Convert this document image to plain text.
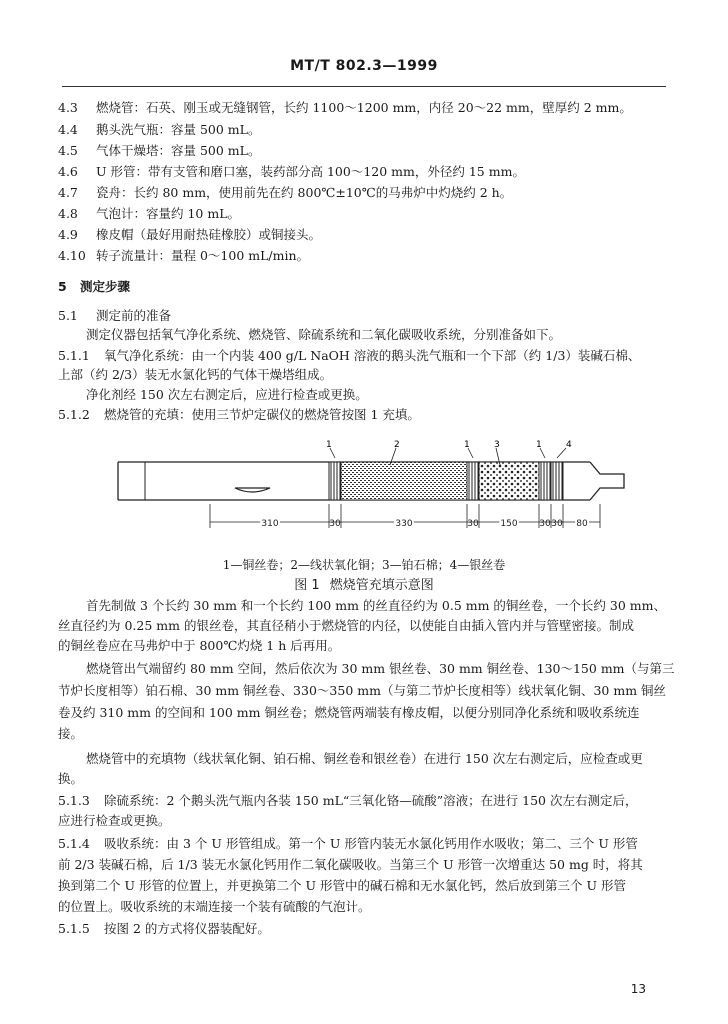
MT/T 802.3—1999
4.3 燃烧管：石英、刚玉或无缝钢管，长约 1100～1200 mm，内径 20～22 mm，壁厚约 2 mm。
4.4 鹅头洗气瓶：容量 500 mL。
4.5 气体干燥塔：容量 500 mL。
4.6 U 形管：带有支管和磨口塞，装药部分高 100～120 mm，外径约 15 mm。
4.7 瓷舟：长约 80 mm，使用前先在约 800℃±10℃的马弗炉中灼烧约 2 h。
4.8 气泡计：容量约 10 mL。
4.9 橡皮帽（最好用耐热硅橡胶）或铜接头。
4.10 转子流量计：量程 0～100 mL/min。
5 测定步骤
5.1 测定前的准备
测定仪器包括氧气净化系统、燃烧管、除硫系统和二氧化碳吸收系统，分别准备如下。
5.1.1 氧气净化系统：由一个内装 400 g/L NaOH 溶液的鹅头洗气瓶和一个下部（约 1/3）装碱石棉、
上部（约 2/3）装无水氯化钙的气体干燥塔组成。
净化剂经 150 次左右测定后，应进行检查或更换。
5.1.2 燃烧管的充填：使用三节炉定碳仪的燃烧管按图 1 充填。
1	2	1	3	1	4
310	30	330	30 150 30 30 80
1—铜丝卷；2—线状氧化铜；3—铂石棉；4—银丝卷
图 1 燃烧管充填示意图
首先制做 3 个长约 30 mm 和一个长约 100 mm 的丝直径约为 0.5 mm 的铜丝卷，一个长约 30 mm、
丝直径约为 0.25 mm 的银丝卷，其直径稍小于燃烧管的内径，以使能自由插入管内并与管壁密接。制成
的铜丝卷应在马弗炉中于 800℃灼烧 1 h 后再用。
燃烧管出气端留约 80 mm 空间，然后依次为 30 mm 银丝卷、30 mm 铜丝卷、130～150 mm（与第三
节炉长度相等）铂石棉、30 mm 铜丝卷、330～350 mm（与第二节炉长度相等）线状氧化铜、30 mm 铜丝
卷及约 310 mm 的空间和 100 mm 铜丝卷；燃烧管两端装有橡皮帽，以便分别同净化系统和吸收系统连
接。
燃烧管中的充填物（线状氧化铜、铂石棉、铜丝卷和银丝卷）在进行 150 次左右测定后，应检查或更
换。
5.1.3 除硫系统：2 个鹅头洗气瓶内各装 150 mL“三氧化铬—硫酸”溶液；在进行 150 次左右测定后，
应进行检查或更换。
5.1.4 吸收系统：由 3 个 U 形管组成。第一个 U 形管内装无水氯化钙用作水吸收；第二、三个 U 形管
前 2/3 装碱石棉，后 1/3 装无水氯化钙用作二氧化碳吸收。当第三个 U 形管一次增重达 50 mg 时，将其
换到第二个 U 形管的位置上，并更换第二个 U 形管中的碱石棉和无水氯化钙，然后放到第三个 U 形管
的位置上。吸收系统的末端连接一个装有硫酸的气泡计。
5.1.5 按图 2 的方式将仪器装配好。
13
